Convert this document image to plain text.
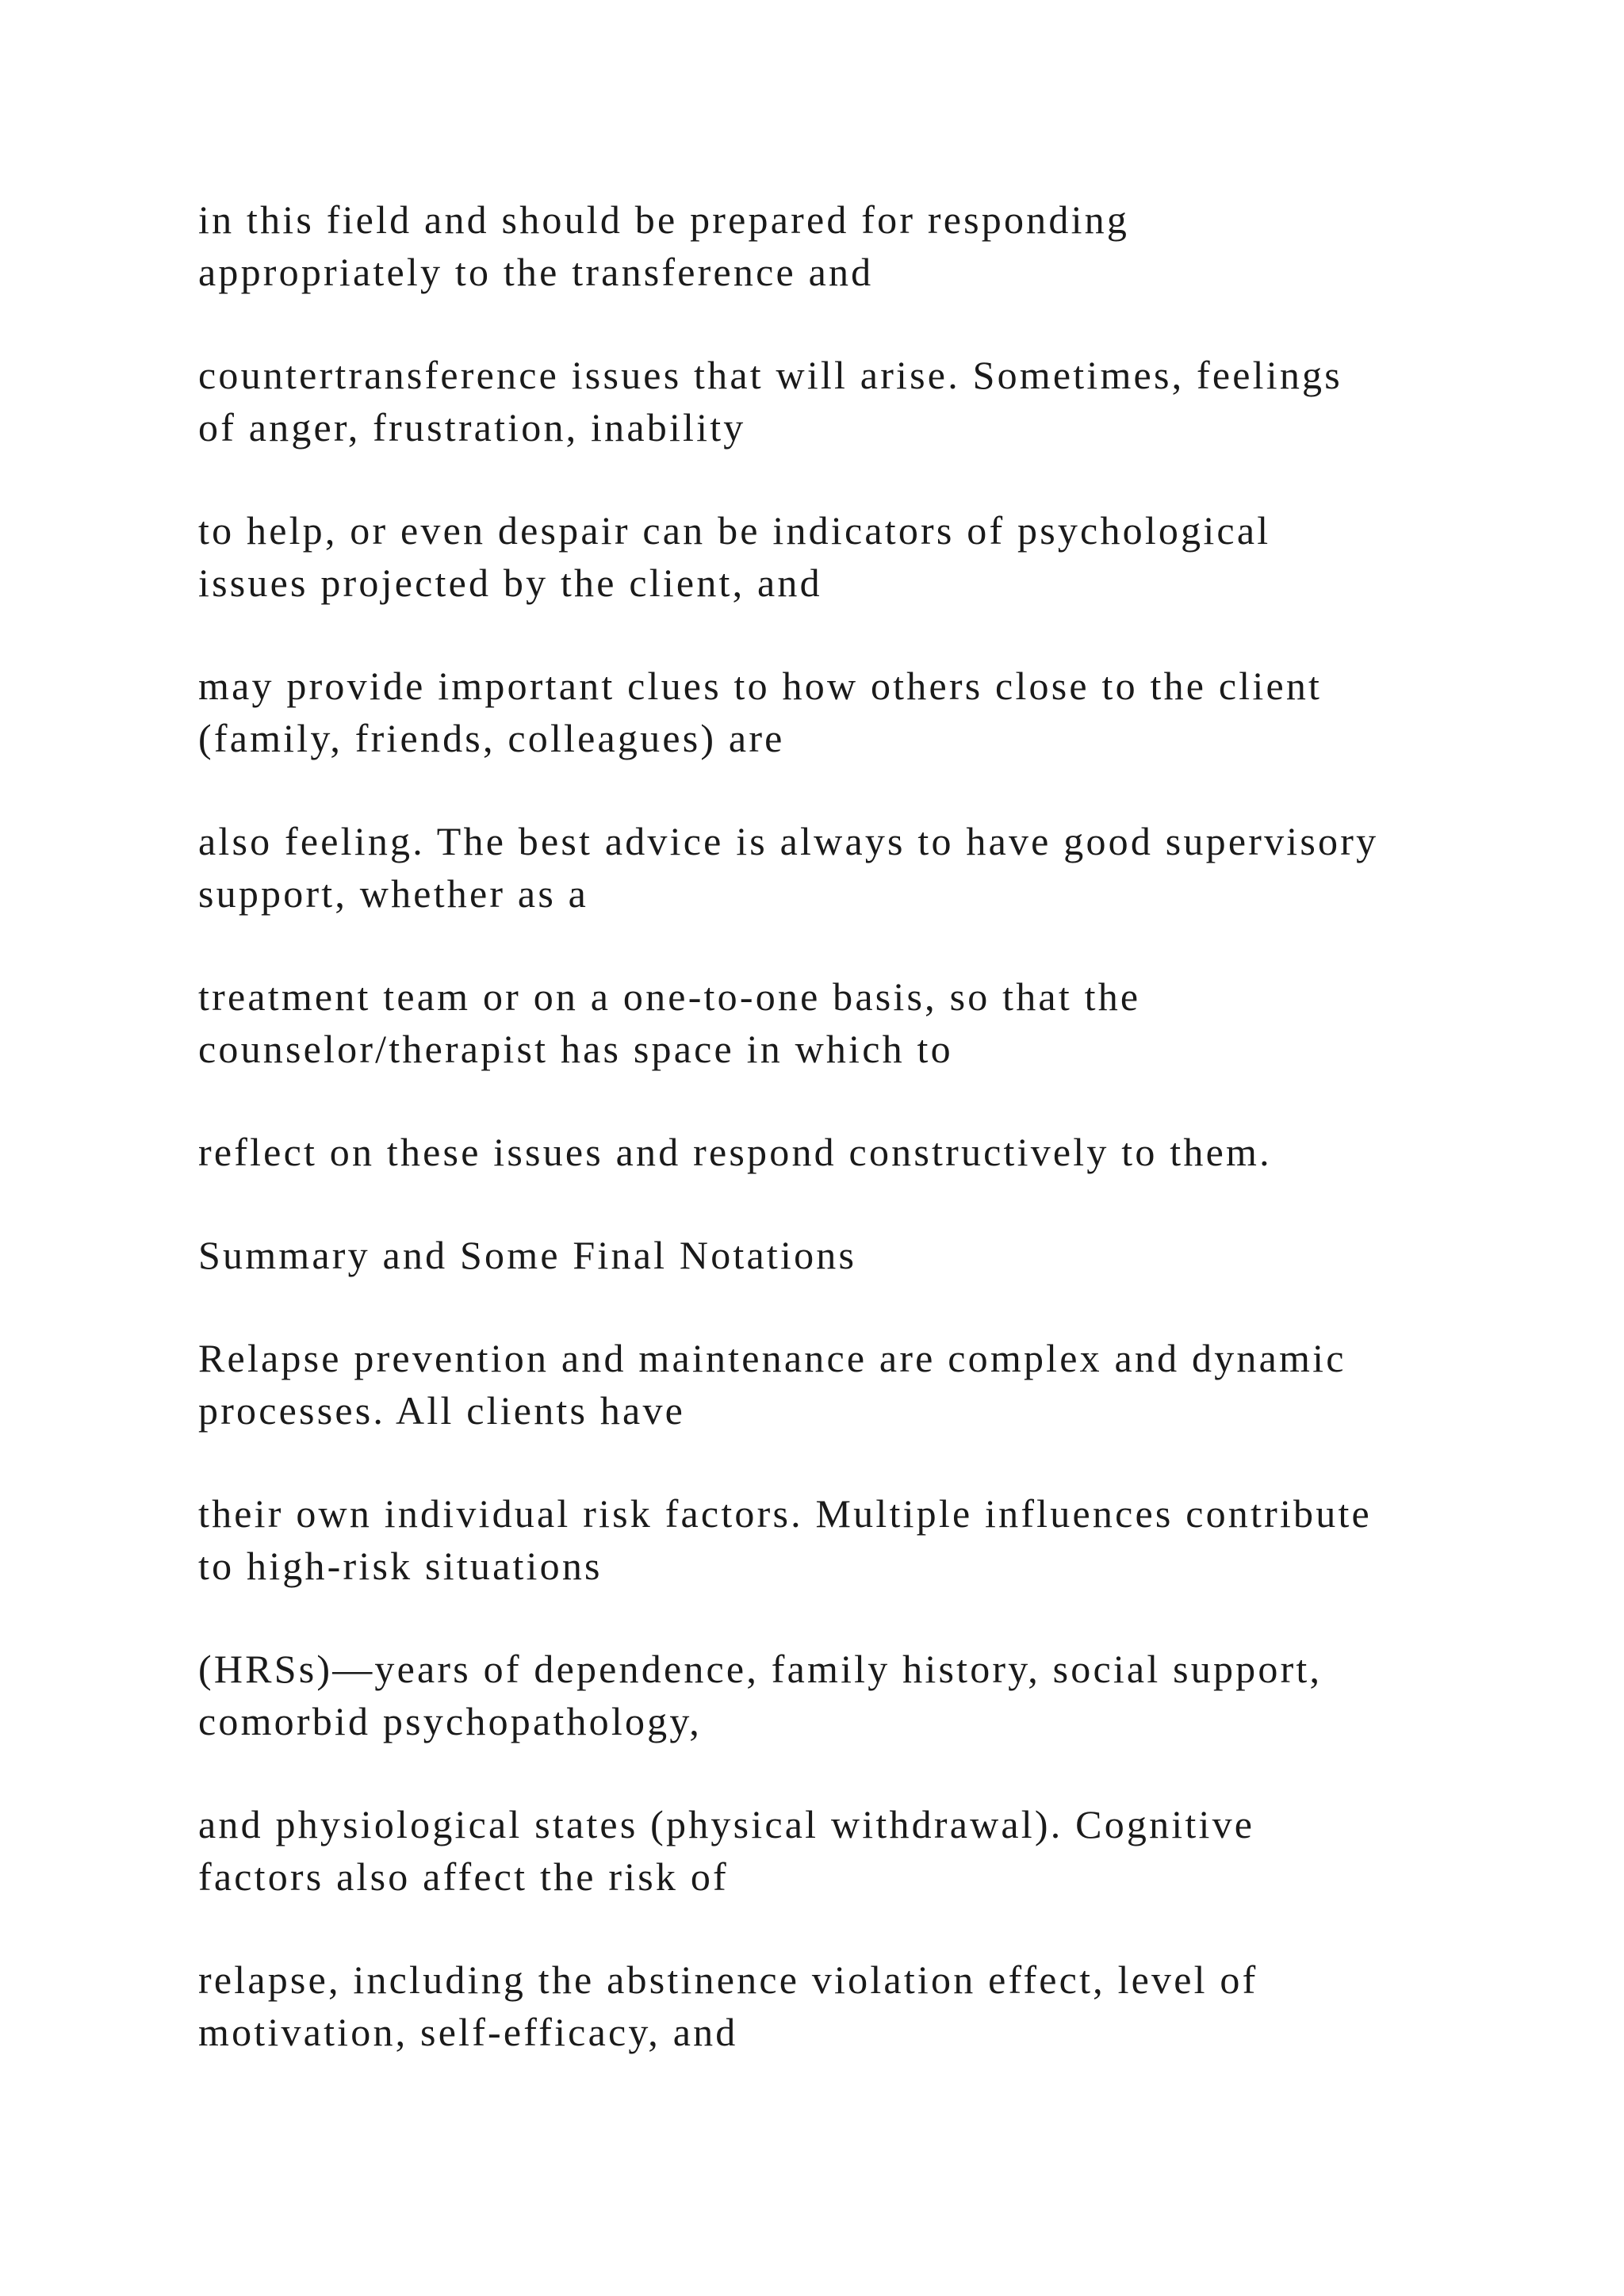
in this field and should be prepared for responding
appropriately to the transference and
countertransference issues that will arise. Sometimes, feelings
of anger, frustration, inability
to help, or even despair can be indicators of psychological
issues projected by the client, and
may provide important clues to how others close to the client
(family, friends, colleagues) are
also feeling. The best advice is always to have good supervisory
support, whether as a
treatment team or on a one-to-one basis, so that the
counselor/therapist has space in which to
reflect on these issues and respond constructively to them.
Summary and Some Final Notations
Relapse prevention and maintenance are complex and dynamic
processes. All clients have
their own individual risk factors. Multiple influences contribute
to high-risk situations
(HRSs)—years of dependence, family history, social support,
comorbid psychopathology,
and physiological states (physical withdrawal). Cognitive
factors also affect the risk of
relapse, including the abstinence violation effect, level of
motivation, self-efficacy, and
